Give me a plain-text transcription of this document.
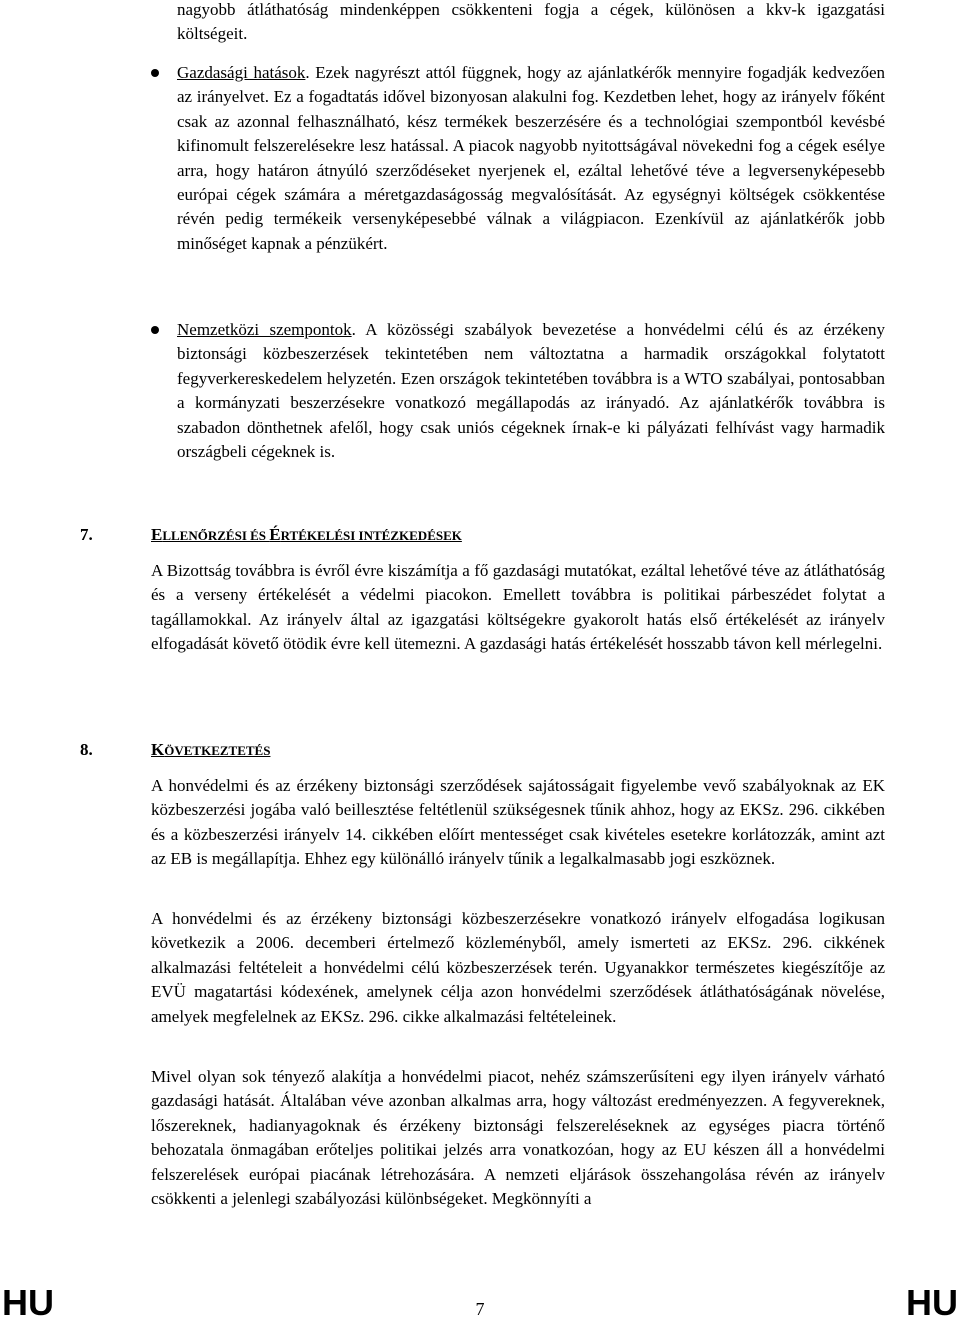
nagyobb átláthatóság mindenképpen csökkenteni fogja a cégek, különösen a kkv-k igazgatási költségeit.

Gazdasági hatások. Ezek nagyrészt attól függnek, hogy az ajánlatkérők mennyire fogadják kedvezően az irányelvet. Ez a fogadtatás idővel bizonyosan alakulni fog. Kezdetben lehet, hogy az irányelv főként csak az azonnal felhasználható, kész termékek beszerzésére és a technológiai szempontból kevésbé kifinomult felszerelésekre lesz hatással. A piacok nagyobb nyitottságával növekedni fog a cégek esélye arra, hogy határon átnyúló szerződéseket nyerjenek el, ezáltal lehetővé téve a legversenyképesebb európai cégek számára a méretgazdaságosság megvalósítását. Az egységnyi költségek csökkentése révén pedig termékeik versenyképesebbé válnak a világpiacon. Ezenkívül az ajánlatkérők jobb minőséget kapnak a pénzükért.

Nemzetközi szempontok. A közösségi szabályok bevezetése a honvédelmi célú és az érzékeny biztonsági közbeszerzések tekintetében nem változtatna a harmadik országokkal folytatott fegyverkereskedelem helyzetén. Ezen országok tekintetében továbbra is a WTO szabályai, pontosabban a kormányzati beszerzésekre vonatkozó megállapodás az irányadó. Az ajánlatkérők továbbra is szabadon dönthetnek afelől, hogy csak uniós cégeknek írnak-e ki pályázati felhívást vagy harmadik országbeli cégeknek is.

7.	ELLENŐRZÉSI ÉS ÉRTÉKELÉSI INTÉZKEDÉSEK

A Bizottság továbbra is évről évre kiszámítja a fő gazdasági mutatókat, ezáltal lehetővé téve az átláthatóság és a verseny értékelését a védelmi piacokon. Emellett továbbra is politikai párbeszédet folytat a tagállamokkal. Az irányelv által az igazgatási költségekre gyakorolt hatás első értékelését az irányelv elfogadását követő ötödik évre kell ütemezni. A gazdasági hatás értékelését hosszabb távon kell mérlegelni.

8.	KÖVETKEZTETÉS

A honvédelmi és az érzékeny biztonsági szerződések sajátosságait figyelembe vevő szabályoknak az EK közbeszerzési jogába való beillesztése feltétlenül szükségesnek tűnik ahhoz, hogy az EKSz. 296. cikkében és a közbeszerzési irányelv 14. cikkében előírt mentességet csak kivételes esetekre korlátozzák, amint azt az EB is megállapítja. Ehhez egy különálló irányelv tűnik a legalkalmasabb jogi eszköznek.

A honvédelmi és az érzékeny biztonsági közbeszerzésekre vonatkozó irányelv elfogadása logikusan következik a 2006. decemberi értelmező közleményből, amely ismerteti az EKSz. 296. cikkének alkalmazási feltételeit a honvédelmi célú közbeszerzések terén. Ugyanakkor természetes kiegészítője az EVÜ magatartási kódexének, amelynek célja azon honvédelmi szerződések átláthatóságának növelése, amelyek megfelelnek az EKSz. 296. cikke alkalmazási feltételeinek.

Mivel olyan sok tényező alakítja a honvédelmi piacot, nehéz számszerűsíteni egy ilyen irányelv várható gazdasági hatását. Általában véve azonban alkalmas arra, hogy változást eredményezzen. A fegyvereknek, lőszereknek, hadianyagoknak és érzékeny biztonsági felszereléseknek az egységes piacra történő behozatala önmagában erőteljes politikai jelzés arra vonatkozóan, hogy az EU készen áll a honvédelmi felszerelések európai piacának létrehozására. A nemzeti eljárások összehangolása révén az irányelv csökkenti a jelenlegi szabályozási különbségeket. Megkönnyíti a

HU	7	HU
